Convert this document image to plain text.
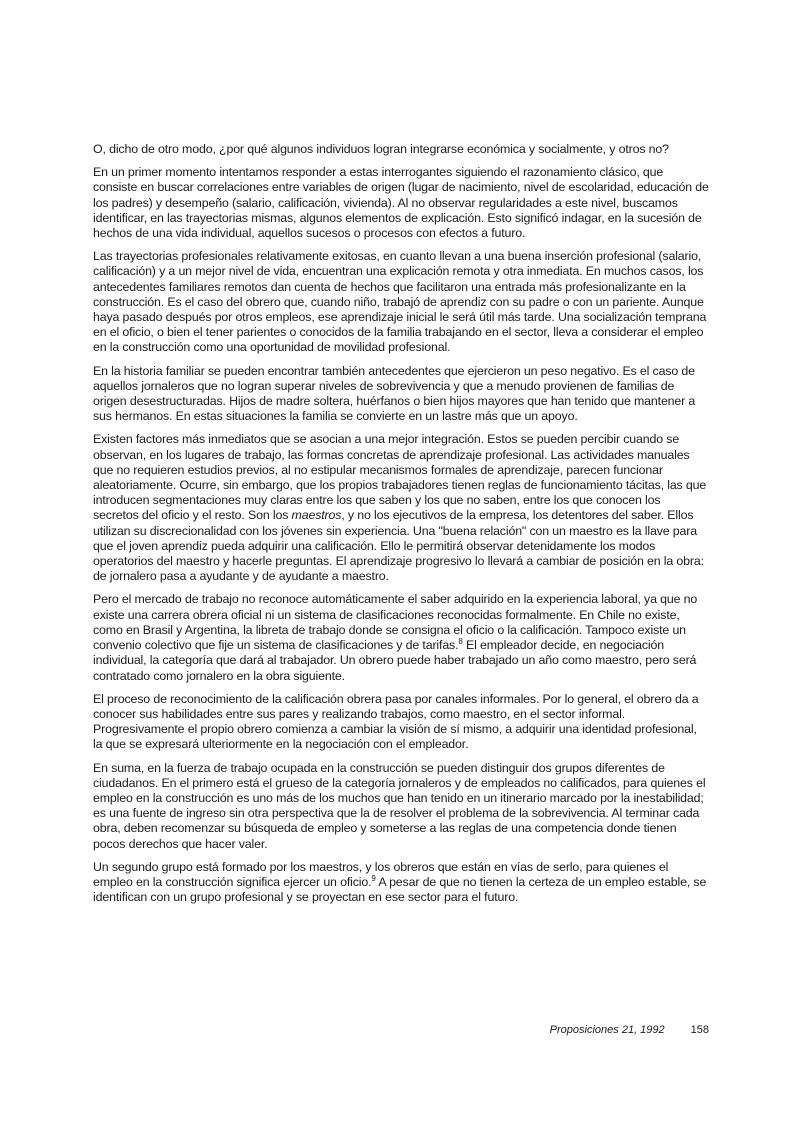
O, dicho de otro modo, ¿por qué algunos individuos logran integrarse económica y socialmente, y otros no?

En un primer momento intentamos responder a estas interrogantes siguiendo el razonamiento clásico, que consiste en buscar correlaciones entre variables de origen (lugar de nacimiento, nivel de escolaridad, educación de los padres) y desempeño (salario, calificación, vivienda). Al no observar regularidades a este nivel, buscamos identificar, en las trayectorias mismas, algunos elementos de explicación. Esto significó indagar, en la sucesión de hechos de una vida individual, aquellos sucesos o procesos con efectos a futuro.

Las trayectorias profesionales relativamente exitosas, en cuanto llevan a una buena inserción profesional (salario, calificación) y a un mejor nivel de vida, encuentran una explicación remota y otra inmediata. En muchos casos, los antecedentes familiares remotos dan cuenta de hechos que facilitaron una entrada más profesionalizante en la construcción. Es el caso del obrero que, cuando niño, trabajó de aprendiz con su padre o con un pariente. Aunque haya pasado después por otros empleos, ese aprendizaje inicial le será útil más tarde. Una socialización temprana en el oficio, o bien el tener parientes o conocidos de la familia trabajando en el sector, lleva a considerar el empleo en la construcción como una oportunidad de movilidad profesional.

En la historia familiar se pueden encontrar también antecedentes que ejercieron un peso negativo. Es el caso de aquellos jornaleros que no logran superar niveles de sobrevivencia y que a menudo provienen de familias de origen desestructuradas. Hijos de madre soltera, huérfanos o bien hijos mayores que han tenido que mantener a sus hermanos. En estas situaciones la familia se convierte en un lastre más que un apoyo.

Existen factores más inmediatos que se asocian a una mejor integración. Estos se pueden percibir cuando se observan, en los lugares de trabajo, las formas concretas de aprendizaje profesional. Las actividades manuales que no requieren estudios previos, al no estipular mecanismos formales de aprendizaje, parecen funcionar aleatoriamente. Ocurre, sin embargo, que los propios trabajadores tienen reglas de funcionamiento tácitas, las que introducen segmentaciones muy claras entre los que saben y los que no saben, entre los que conocen los secretos del oficio y el resto. Son los maestros, y no los ejecutivos de la empresa, los detentores del saber. Ellos utilizan su discrecionalidad con los jóvenes sin experiencia. Una "buena relación" con un maestro es la llave para que el joven aprendiz pueda adquirir una calificación. Ello le permitirá observar detenidamente los modos operatorios del maestro y hacerle preguntas. El aprendizaje progresivo lo llevará a cambiar de posición en la obra: de jornalero pasa a ayudante y de ayudante a maestro.

Pero el mercado de trabajo no reconoce automáticamente el saber adquirido en la experiencia laboral, ya que no existe una carrera obrera oficial ni un sistema de clasificaciones reconocidas formalmente. En Chile no existe, como en Brasil y Argentina, la libreta de trabajo donde se consigna el oficio o la calificación. Tampoco existe un convenio colectivo que fije un sistema de clasificaciones y de tarifas.$^8$ El empleador decide, en negociación individual, la categoría que dará al trabajador. Un obrero puede haber trabajado un año como maestro, pero será contratado como jornalero en la obra siguiente.

El proceso de reconocimiento de la calificación obrera pasa por canales informales. Por lo general, el obrero da a conocer sus habilidades entre sus pares y realizando trabajos, como maestro, en el sector informal. Progresivamente el propio obrero comienza a cambiar la visión de sí mismo, a adquirir una identidad profesional, la que se expresará ulteriormente en la negociación con el empleador.

En suma, en la fuerza de trabajo ocupada en la construcción se pueden distinguir dos grupos diferentes de ciudadanos. En el primero está el grueso de la categoría jornaleros y de empleados no calificados, para quienes el empleo en la construcción es uno más de los muchos que han tenido en un itinerario marcado por la inestabilidad; es una fuente de ingreso sin otra perspectiva que la de resolver el problema de la sobrevivencia. Al terminar cada obra, deben recomenzar su búsqueda de empleo y someterse a las reglas de una competencia donde tienen pocos derechos que hacer valer.

Un segundo grupo está formado por los maestros, y los obreros que están en vías de serlo, para quienes el empleo en la construcción significa ejercer un oficio.$^9$ A pesar de que no tienen la certeza de un empleo estable, se identifican con un grupo profesional y se proyectan en ese sector para el futuro.

Proposiciones 21, 1992 158
